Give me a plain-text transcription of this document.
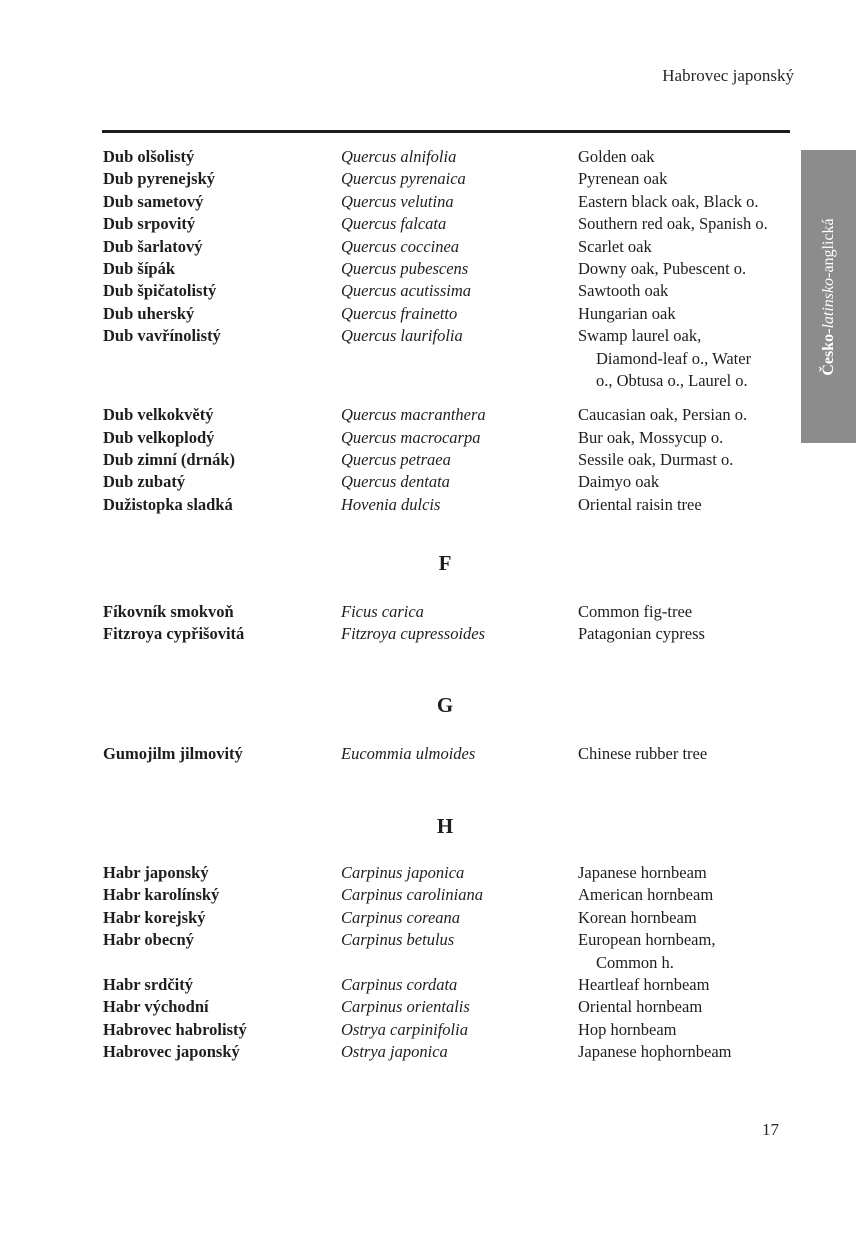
Habrovec japonský
Česko-latinsko-anglická
Dub olšolistý	Quercus alnifolia	Golden oak
Dub pyrenejský	Quercus pyrenaica	Pyrenean oak
Dub sametový	Quercus velutina	Eastern black oak, Black o.
Dub srpovitý	Quercus falcata	Southern red oak, Spanish o.
Dub šarlatový	Quercus coccinea	Scarlet oak
Dub šípák	Quercus pubescens	Downy oak, Pubescent o.
Dub špičatolistý	Quercus acutissima	Sawtooth oak
Dub uherský	Quercus frainetto	Hungarian oak
Dub vavřínolistý	Quercus laurifolia	Swamp laurel oak,
Diamond-leaf o., Water
o., Obtusa o., Laurel o.
Dub velkokvětý	Quercus macranthera	Caucasian oak, Persian o.
Dub velkoplodý	Quercus macrocarpa	Bur oak, Mossycup o.
Dub zimní (drnák)	Quercus petraea	Sessile oak, Durmast o.
Dub zubatý	Quercus dentata	Daimyo oak
Dužistopka sladká	Hovenia dulcis	Oriental raisin tree
F
Fíkovník smokvoň	Ficus carica	Common fig-tree
Fitzroya cypřišovitá	Fitzroya cupressoides	Patagonian cypress
G
Gumojilm jilmovitý	Eucommia ulmoides	Chinese rubber tree
H
Habr japonský	Carpinus japonica	Japanese hornbeam
Habr karolínský	Carpinus caroliniana	American hornbeam
Habr korejský	Carpinus coreana	Korean hornbeam
Habr obecný	Carpinus betulus	European hornbeam,
Common h.
Habr srdčitý	Carpinus cordata	Heartleaf hornbeam
Habr východní	Carpinus orientalis	Oriental hornbeam
Habrovec habrolistý	Ostrya carpinifolia	Hop hornbeam
Habrovec japonský	Ostrya japonica	Japanese hophornbeam
17
